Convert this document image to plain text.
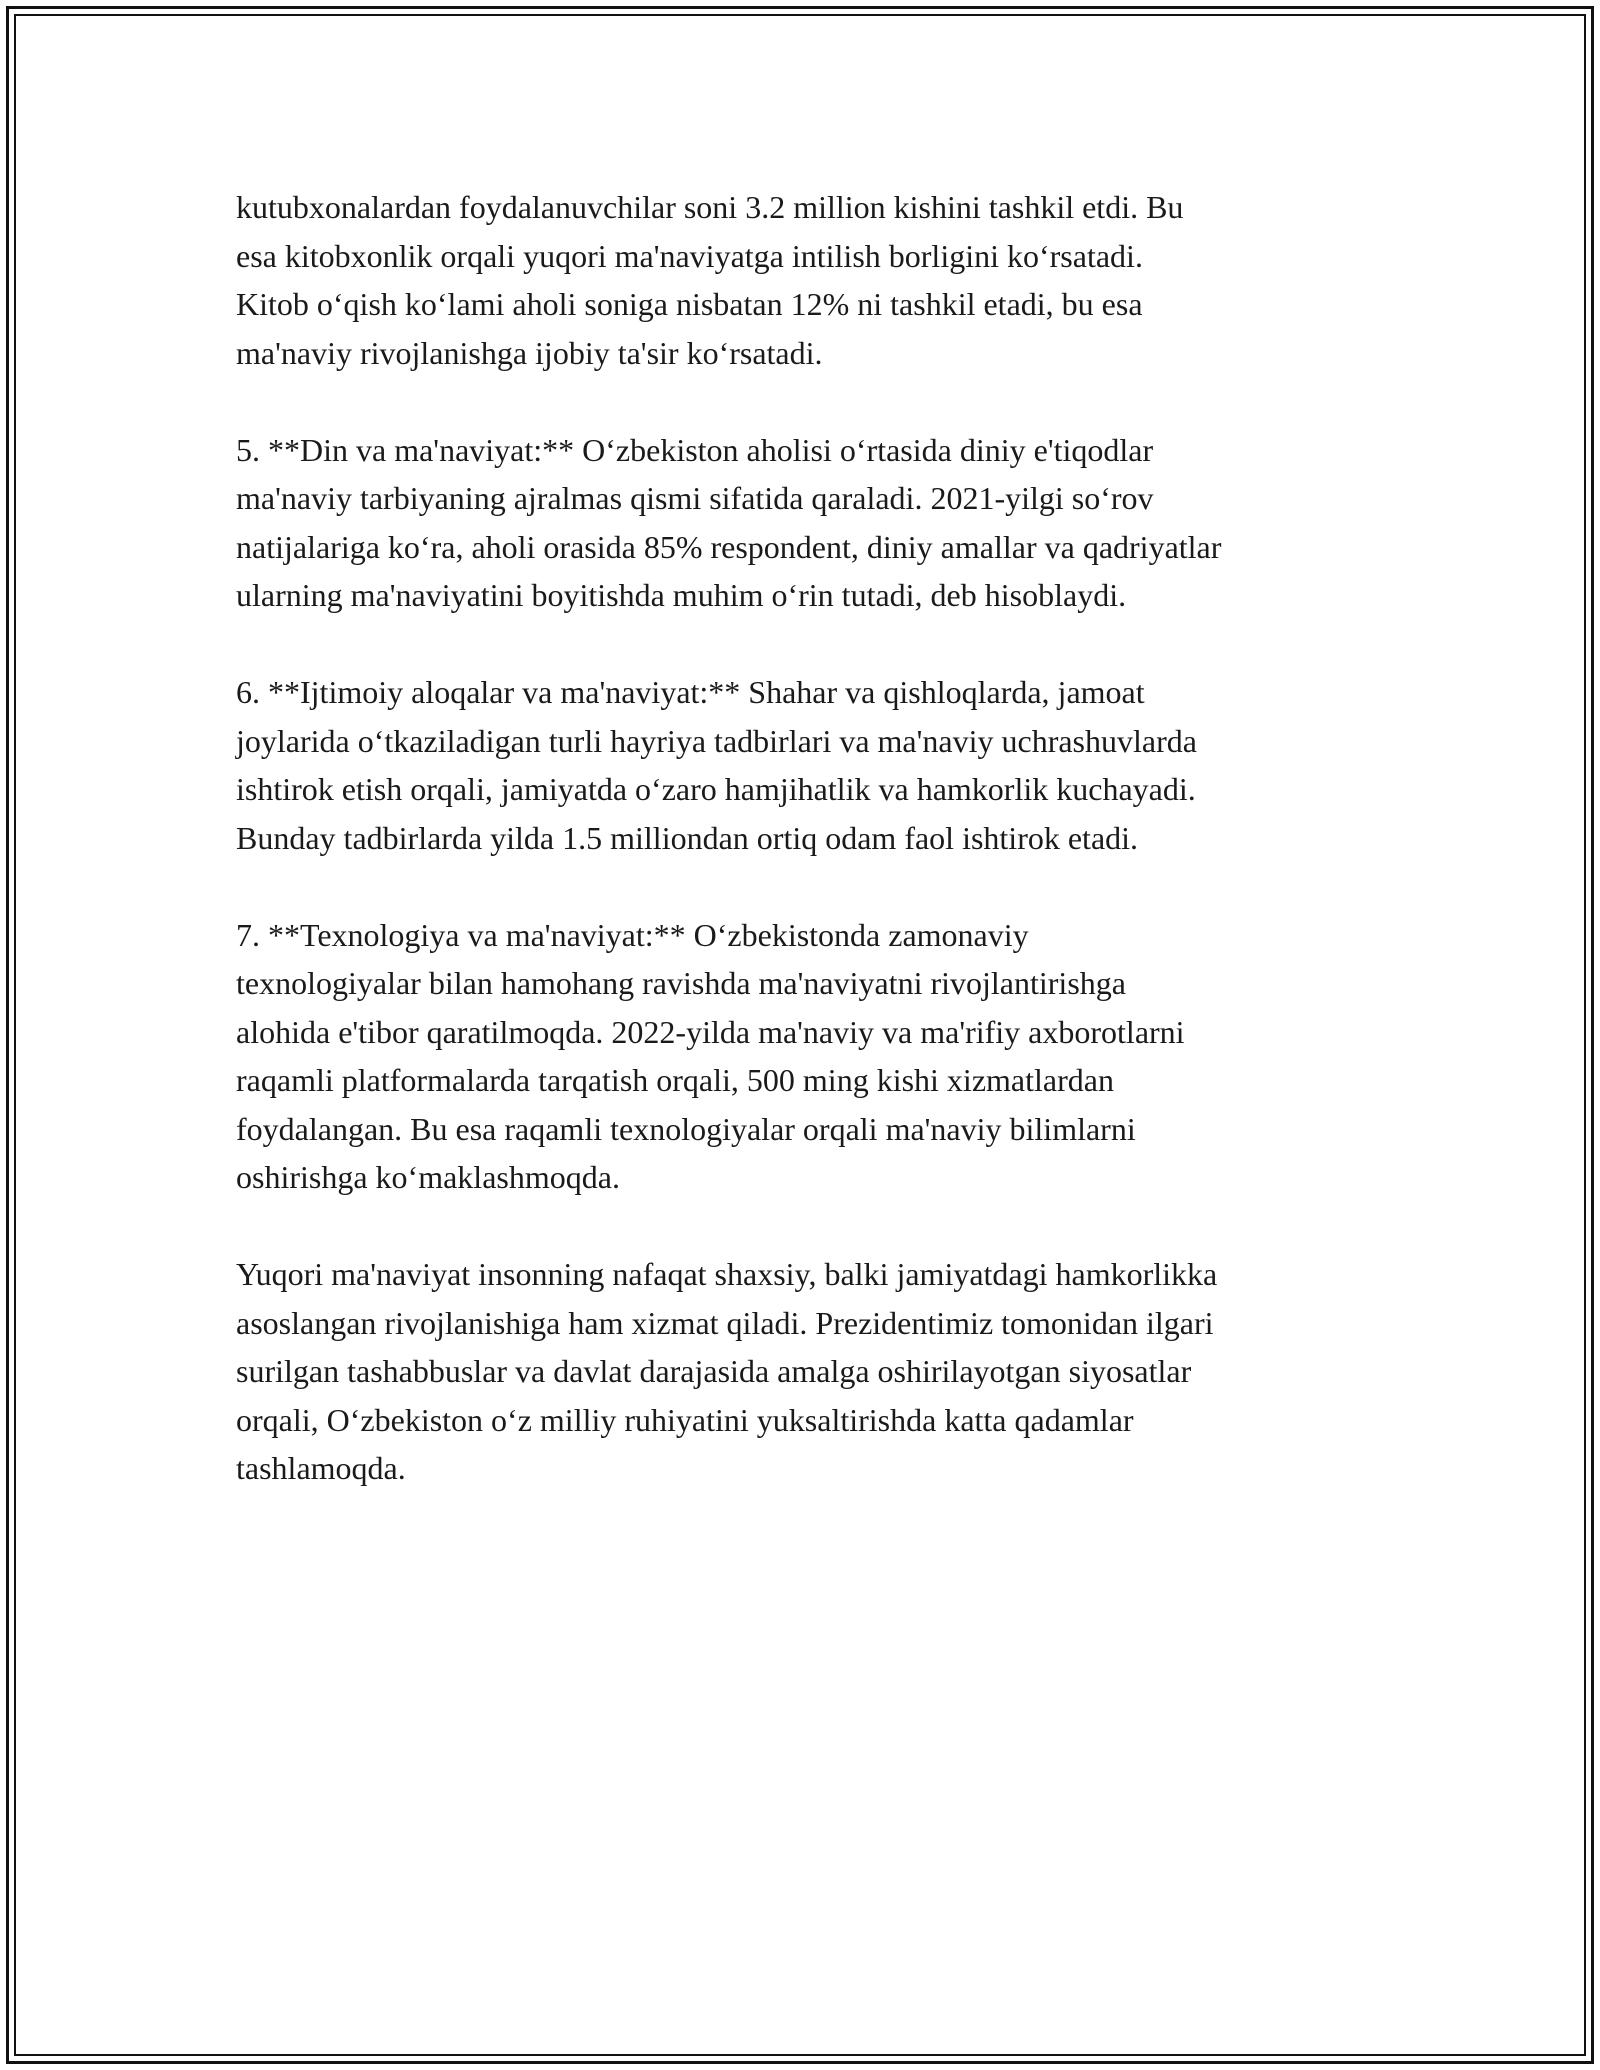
kutubxonalardan foydalanuvchilar soni 3.2 million kishini tashkil etdi. Bu
esa kitobxonlik orqali yuqori ma'naviyatga intilish borligini ko‘rsatadi.
Kitob o‘qish ko‘lami aholi soniga nisbatan 12% ni tashkil etadi, bu esa
ma'naviy rivojlanishga ijobiy ta'sir ko‘rsatadi.

5. **Din va ma'naviyat:** O‘zbekiston aholisi o‘rtasida diniy e'tiqodlar
ma'naviy tarbiyaning ajralmas qismi sifatida qaraladi. 2021-yilgi so‘rov
natijalariga ko‘ra, aholi orasida 85% respondent, diniy amallar va qadriyatlar
ularning ma'naviyatini boyitishda muhim o‘rin tutadi, deb hisoblaydi.

6. **Ijtimoiy aloqalar va ma'naviyat:** Shahar va qishloqlarda, jamoat
joylarida o‘tkaziladigan turli hayriya tadbirlari va ma'naviy uchrashuvlarda
ishtirok etish orqali, jamiyatda o‘zaro hamjihatlik va hamkorlik kuchayadi.
Bunday tadbirlarda yilda 1.5 milliondan ortiq odam faol ishtirok etadi.

7. **Texnologiya va ma'naviyat:** O‘zbekistonda zamonaviy
texnologiyalar bilan hamohang ravishda ma'naviyatni rivojlantirishga
alohida e'tibor qaratilmoqda. 2022-yilda ma'naviy va ma'rifiy axborotlarni
raqamli platformalarda tarqatish orqali, 500 ming kishi xizmatlardan
foydalangan. Bu esa raqamli texnologiyalar orqali ma'naviy bilimlarni
oshirishga ko‘maklashmoqda.

Yuqori ma'naviyat insonning nafaqat shaxsiy, balki jamiyatdagi hamkorlikka
asoslangan rivojlanishiga ham xizmat qiladi. Prezidentimiz tomonidan ilgari
surilgan tashabbuslar va davlat darajasida amalga oshirilayotgan siyosatlar
orqali, O‘zbekiston o‘z milliy ruhiyatini yuksaltirishda katta qadamlar
tashlamoqda.
